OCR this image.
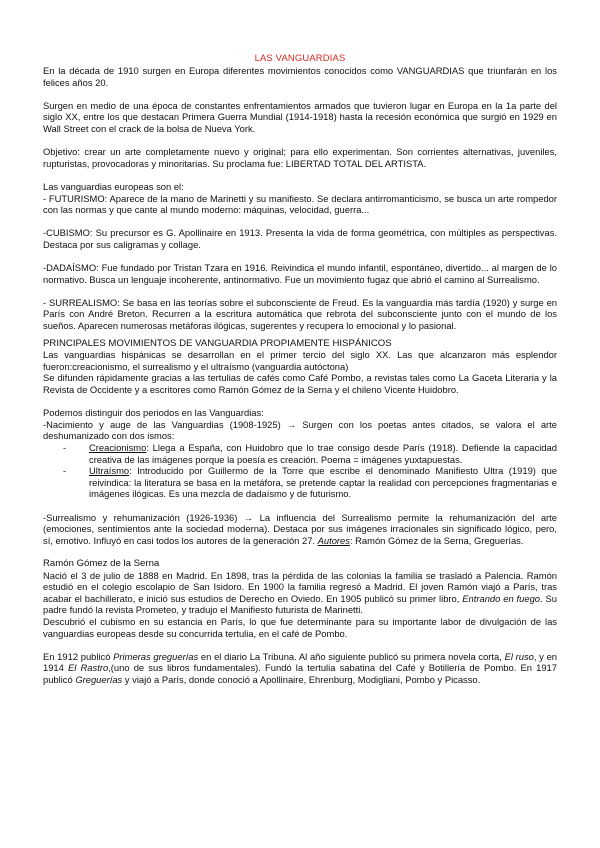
LAS VANGUARDIAS

En la década de 1910 surgen en Europa diferentes movimientos conocidos como VANGUARDIAS que triunfarán en los felices años 20.

Surgen en medio de una época de constantes enfrentamientos armados que tuvieron lugar en Europa en la 1a parte del siglo XX, entre los que destacan Primera Guerra Mundial (1914-1918) hasta la recesión económica que surgió en 1929 en Wall Street con el crack de la bolsa de Nueva York.

Objetivo: crear un arte completamente nuevo y original; para ello experimentan. Son corrientes alternativas, juveniles, rupturistas, provocadoras y minoritarias. Su proclama fue: LIBERTAD TOTAL DEL ARTISTA.

Las vanguardias europeas son el:

- FUTURISMO: Aparece de la mano de Marinetti y su manifiesto. Se declara antirromanticismo, se busca un arte rompedor con las normas y que cante al mundo moderno: máquinas, velocidad, guerra...

-CUBISMO: Su precursor es G. Apollinaire en 1913. Presenta la vida de forma geométrica, con múltiples as perspectivas. Destaca por sus caligramas y collage.

-DADAÍSMO: Fue fundado por Tristan Tzara en 1916. Reivindica el mundo infantil, espontáneo, divertido... al margen de lo normativo. Busca un lenguaje incoherente, antinormativo. Fue un movimiento fugaz que abrió el camino al Surrealismo.

- SURREALISMO: Se basa en las teorías sobre el subconsciente de Freud. Es la vanguardia más tardía (1920) y surge en París con André Breton. Recurren a la escritura automática que rebrota del subconsciente junto con el mundo de los sueños. Aparecen numerosas metáforas ilógicas, sugerentes y recupera lo emocional y lo pasional.

PRINCIPALES MOVIMIENTOS DE VANGUARDIA PROPIAMENTE HISPÁNICOS

Las vanguardias hispánicas se desarrollan en el primer tercio del siglo XX. Las que alcanzaron más esplendor fueron:creacionismo, el surrealismo y el ultraísmo (vanguardia autóctona)

Se difunden rápidamente gracias a las tertulias de cafés como Café Pombo, a revistas tales como La Gaceta Literaria y la Revista de Occidente y a escritores como Ramón Gómez de la Serna y el chileno Vicente Huidobro.

Podemos distinguir dos periodos en las Vanguardias:

-Nacimiento y auge de las Vanguardias (1908-1925) → Surgen con los poetas antes citados, se valora el arte deshumanizado con dos ismos:

- Creacionismo: Llega a España, con Huidobro que lo trae consigo desde París (1918). Defiende la capacidad creativa de las imágenes porque la poesía es creación. Poema = imágenes yuxtapuestas.
- Ultraísmo: Introducido por Guillermo de la Torre que escribe el denominado Manifiesto Ultra (1919) que reivindica: la literatura se basa en la metáfora, se pretende captar la realidad con percepciones fragmentarias e imágenes ilógicas. Es una mezcla de dadaísmo y de futurismo.

-Surrealismo y rehumanización (1926-1936) → La influencia del Surrealismo permite la rehumanización del arte (emociones, sentimientos ante la sociedad moderna). Destaca por sus imágenes irracionales sin significado lógico, pero, sí, emotivo. Influyó en casi todos los autores de la generación 27. Autores: Ramón Gómez de la Serna, Greguerías.

Ramón Gómez de la Serna

Nació el 3 de julio de 1888 en Madrid. En 1898, tras la pérdida de las colonias la familia se trasladó a Palencia. Ramón estudió en el colegio escolapio de San Isidoro. En 1900 la familia regresó a Madrid. El joven Ramón viajó a París, tras acabar el bachillerato, e inició sus estudios de Derecho en Oviedo. En 1905 publicó su primer libro, Entrando en fuego. Su padre fundó la revista Prometeo, y tradujo el Manifiesto futurista de Marinetti.

Descubrió el cubismo en su estancia en París, lo que fue determinante para su importante labor de divulgación de las vanguardias europeas desde su concurrida tertulia, en el café de Pombo.

En 1912 publicó Primeras greguerías en el diario La Tribuna. Al año siguiente publicó su primera novela corta, El ruso, y en 1914 El Rastro,(uno de sus libros fundamentales). Fundó la tertulia sabatina del Café y Botillería de Pombo. En 1917 publicó Greguerías y viajó a París, donde conoció a Apollinaire, Ehrenburg, Modigliani, Pombo y Picasso.
